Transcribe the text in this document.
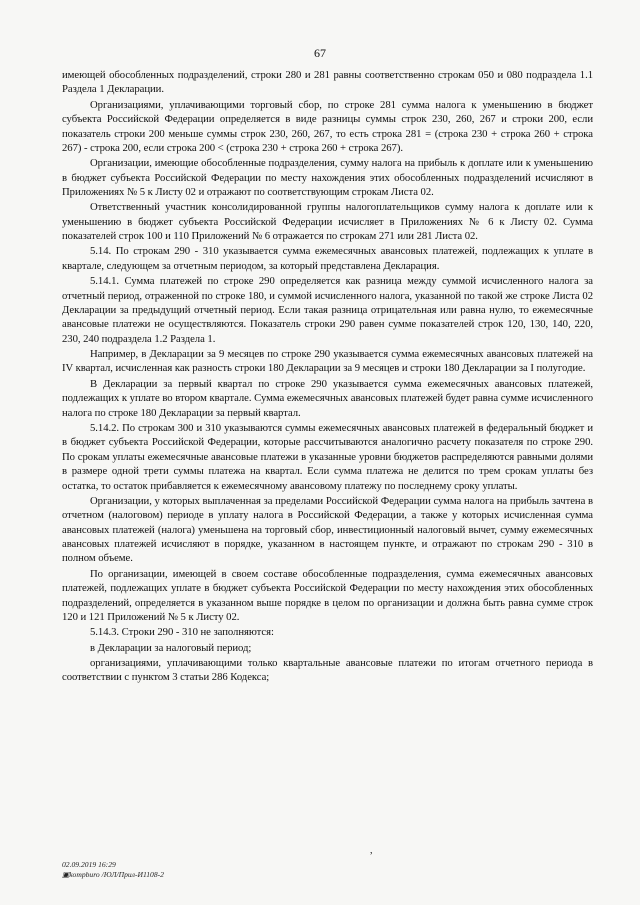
67

имеющей обособленных подразделений, строки 280 и 281 равны соответственно строкам 050 и 080 подраздела 1.1 Раздела 1 Декларации.

Организациями, уплачивающими торговый сбор, по строке 281 сумма налога к уменьшению в бюджет субъекта Российской Федерации определяется в виде разницы суммы строк 230, 260, 267 и строки 200, если показатель строки 200 меньше суммы строк 230, 260, 267, то есть строка 281 = (строка 230 + строка 260 + строка 267) - строка 200, если строка 200 < (строка 230 + строка 260 + строка 267).

Организации, имеющие обособленные подразделения, сумму налога на прибыль к доплате или к уменьшению в бюджет субъекта Российской Федерации по месту нахождения этих обособленных подразделений исчисляют в Приложениях № 5 к Листу 02 и отражают по соответствующим строкам Листа 02.

Ответственный участник консолидированной группы налогоплательщиков сумму налога к доплате или к уменьшению в бюджет субъекта Российской Федерации исчисляет в Приложениях № 6 к Листу 02. Сумма показателей строк 100 и 110 Приложений № 6 отражается по строкам 271 или 281 Листа 02.

5.14. По строкам 290 - 310 указывается сумма ежемесячных авансовых платежей, подлежащих к уплате в квартале, следующем за отчетным периодом, за который представлена Декларация.

5.14.1. Сумма платежей по строке 290 определяется как разница между суммой исчисленного налога за отчетный период, отраженной по строке 180, и суммой исчисленного налога, указанной по такой же строке Листа 02 Декларации за предыдущий отчетный период. Если такая разница отрицательная или равна нулю, то ежемесячные авансовые платежи не осуществляются. Показатель строки 290 равен сумме показателей строк 120, 130, 140, 220, 230, 240 подраздела 1.2 Раздела 1.

Например, в Декларации за 9 месяцев по строке 290 указывается сумма ежемесячных авансовых платежей на IV квартал, исчисленная как разность строки 180 Декларации за 9 месяцев и строки 180 Декларации за I полугодие.

В Декларации за первый квартал по строке 290 указывается сумма ежемесячных авансовых платежей, подлежащих к уплате во втором квартале. Сумма ежемесячных авансовых платежей будет равна сумме исчисленного налога по строке 180 Декларации за первый квартал.

5.14.2. По строкам 300 и 310 указываются суммы ежемесячных авансовых платежей в федеральный бюджет и в бюджет субъекта Российской Федерации, которые рассчитываются аналогично расчету показателя по строке 290. По срокам уплаты ежемесячные авансовые платежи в указанные уровни бюджетов распределяются равными долями в размере одной трети суммы платежа на квартал. Если сумма платежа не делится по трем срокам уплаты без остатка, то остаток прибавляется к ежемесячному авансовому платежу по последнему сроку уплаты.

Организации, у которых выплаченная за пределами Российской Федерации сумма налога на прибыль зачтена в отчетном (налоговом) периоде в уплату налога в Российской Федерации, а также у которых исчисленная сумма авансовых платежей (налога) уменьшена на торговый сбор, инвестиционный налоговый вычет, сумму ежемесячных авансовых платежей исчисляют в порядке, указанном в настоящем пункте, и отражают по строкам 290 - 310 в полном объеме.

По организации, имеющей в своем составе обособленные подразделения, сумма ежемесячных авансовых платежей, подлежащих уплате в бюджет субъекта Российской Федерации по месту нахождения этих обособленных подразделений, определяется в указанном выше порядке в целом по организации и должна быть равна сумме строк 120 и 121 Приложений № 5 к Листу 02.

5.14.3. Строки 290 - 310 не заполняются:

в Декларации за налоговый период;

организациями, уплачивающими только квартальные авансовые платежи по итогам отчетного периода в соответствии с пунктом 3 статьи 286 Кодекса;

,
02.09.2019 16:29
▣kompburo /ЮЛ/Прил-И1108-2
